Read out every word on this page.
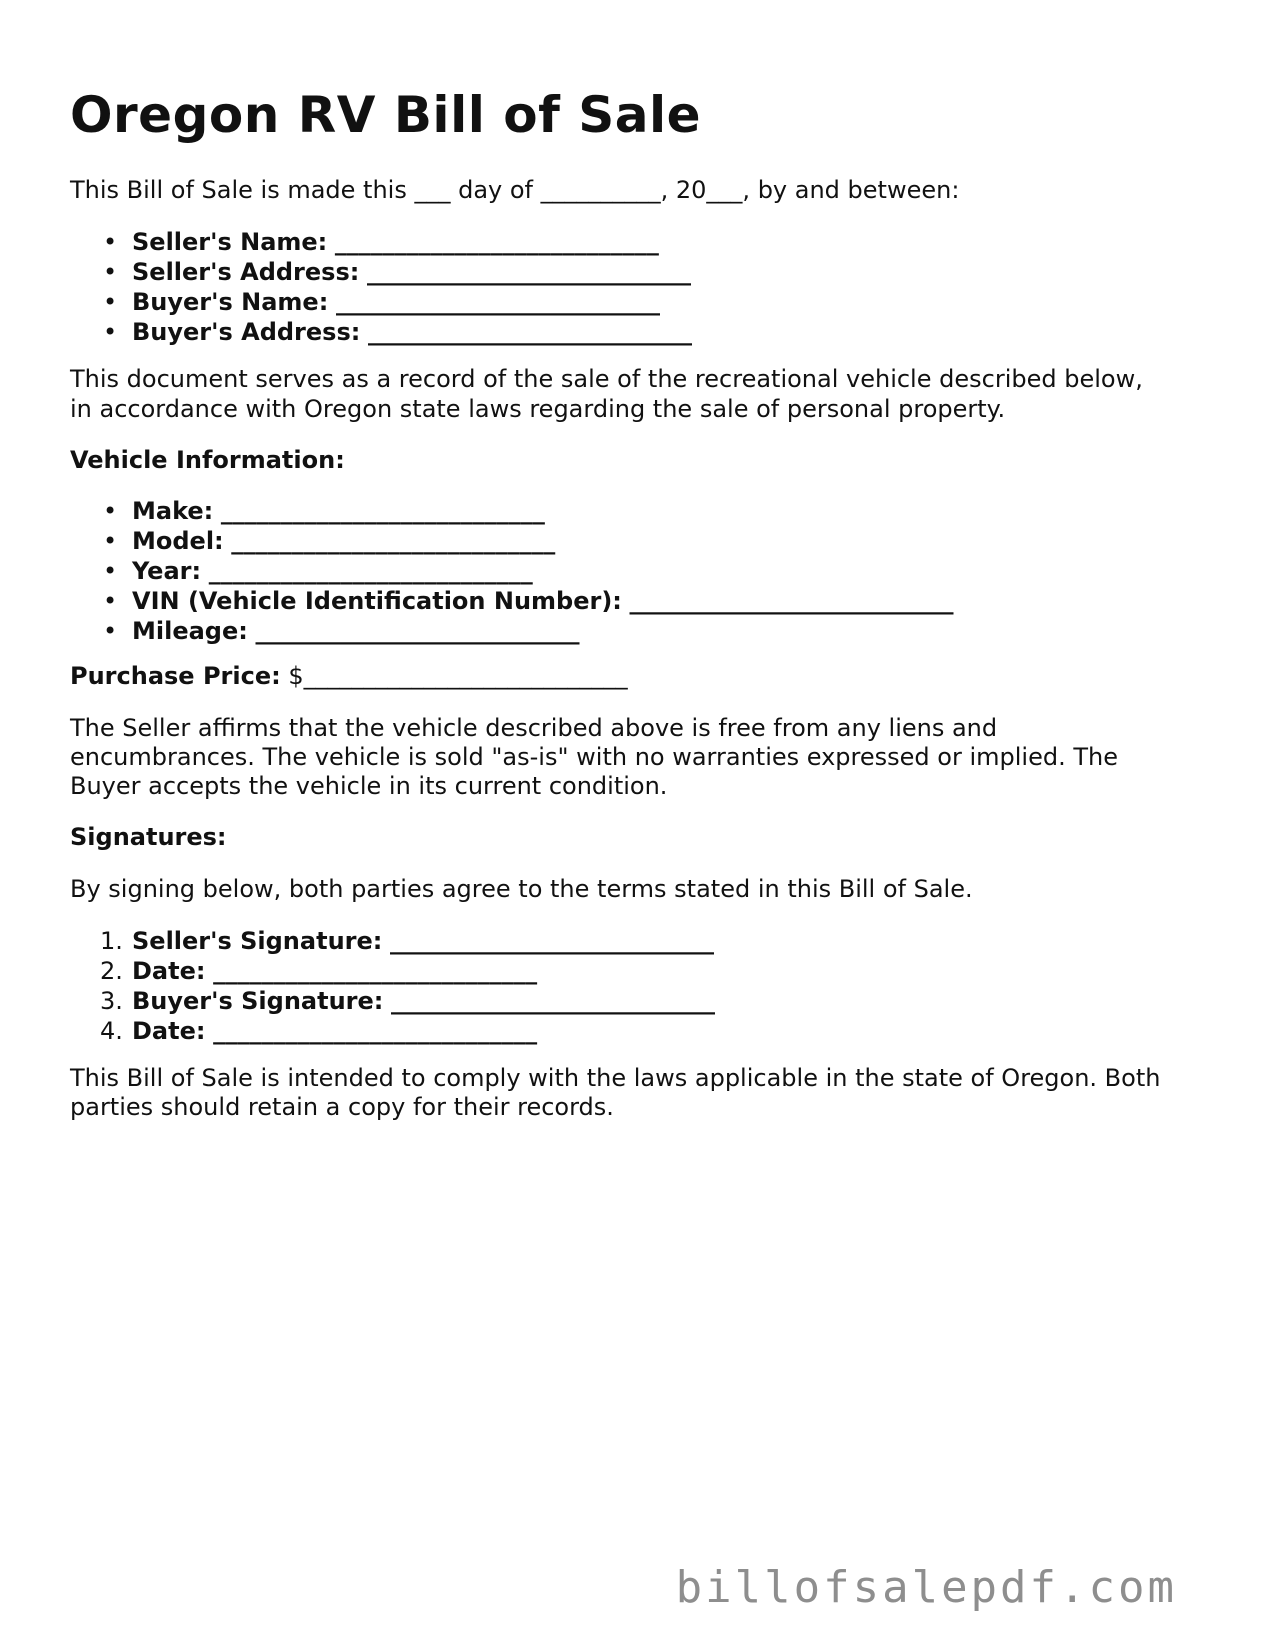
Oregon RV Bill of Sale
This Bill of Sale is made this ___ day of __________, 20___, by and between:
• Seller's Name: ___________________________
• Seller's Address: ___________________________
• Buyer's Name: ___________________________
• Buyer's Address: ___________________________
This document serves as a record of the sale of the recreational vehicle described below,
in accordance with Oregon state laws regarding the sale of personal property.
Vehicle Information:
• Make: ___________________________
• Model: ___________________________
• Year: ___________________________
• VIN (Vehicle Identification Number): ___________________________
• Mileage: ___________________________
Purchase Price: $___________________________
The Seller affirms that the vehicle described above is free from any liens and
encumbrances. The vehicle is sold "as-is" with no warranties expressed or implied. The
Buyer accepts the vehicle in its current condition.
Signatures:
By signing below, both parties agree to the terms stated in this Bill of Sale.
1. Seller's Signature: ___________________________
2. Date: ___________________________
3. Buyer's Signature: ___________________________
4. Date: ___________________________
This Bill of Sale is intended to comply with the laws applicable in the state of Oregon. Both
parties should retain a copy for their records.
billofsalepdf.com
